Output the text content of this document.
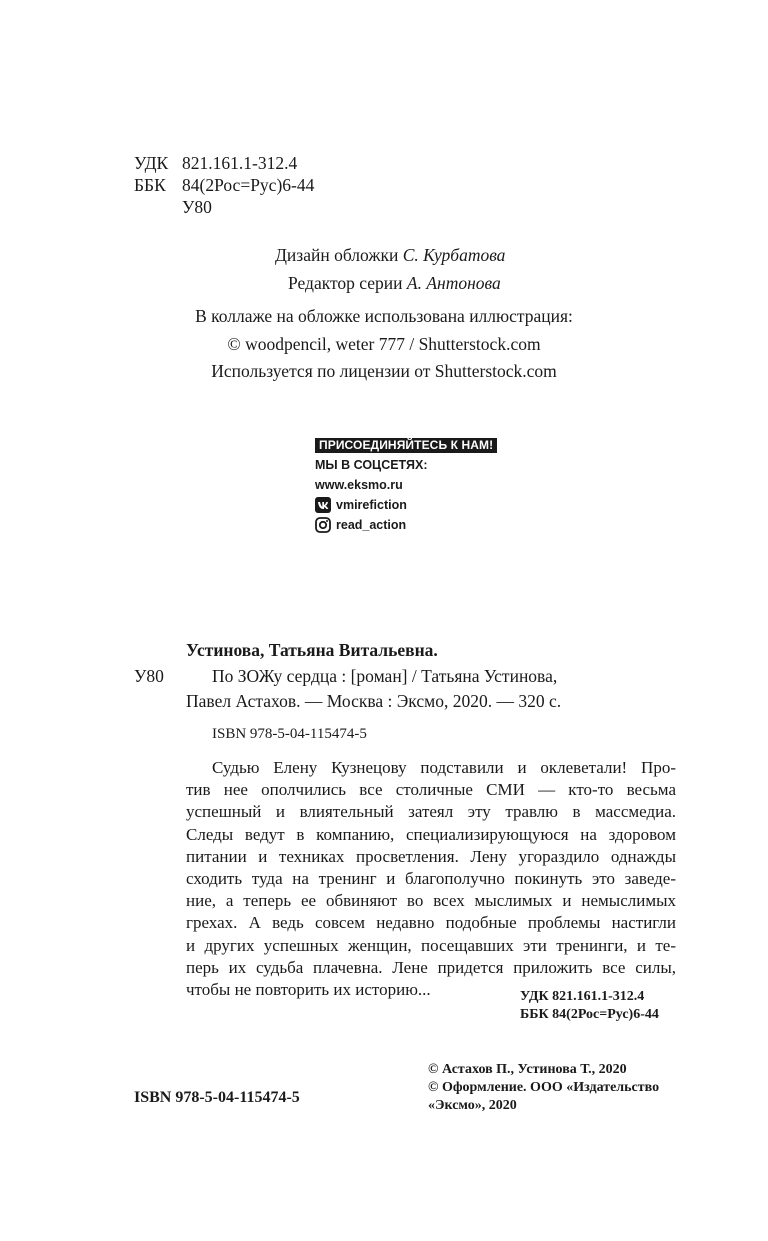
УДК 821.161.1-312.4
ББК 84(2Рос=Рус)6-44
У80
Дизайн обложки С. Курбатова
Редактор серии А. Антонова
В коллаже на обложке использована иллюстрация:
© woodpencil, weter 777 / Shutterstock.com
Используется по лицензии от Shutterstock.com
ПРИСОЕДИНЯЙТЕСЬ К НАМ!
МЫ В СОЦСЕТЯХ:
www.eksmo.ru
vmirefiction
read_action
Устинова, Татьяна Витальевна.
У80	По ЗОЖу сердца : [роман] / Татьяна Устинова,
Павел Астахов. — Москва : Эксмо, 2020. — 320 с.
ISBN 978-5-04-115474-5
Судью Елену Кузнецову подставили и оклеветали! Про-
тив нее ополчились все столичные СМИ — кто-то весьма
успешный и влиятельный затеял эту травлю в массмедиа.
Следы ведут в компанию, специализирующуюся на здоровом
питании и техниках просветления. Лену угораздило однажды
сходить туда на тренинг и благополучно покинуть это заведе-
ние, а теперь ее обвиняют во всех мыслимых и немыслимых
грехах. А ведь совсем недавно подобные проблемы настигли
и других успешных женщин, посещавших эти тренинги, и те-
перь их судьба плачевна. Лене придется приложить все силы,
чтобы не повторить их историю...	УДК 821.161.1-312.4
ББК 84(2Рос=Рус)6-44
© Астахов П., Устинова Т., 2020
© Оформление. ООО «Издательство
«Эксмо», 2020
ISBN 978-5-04-115474-5
